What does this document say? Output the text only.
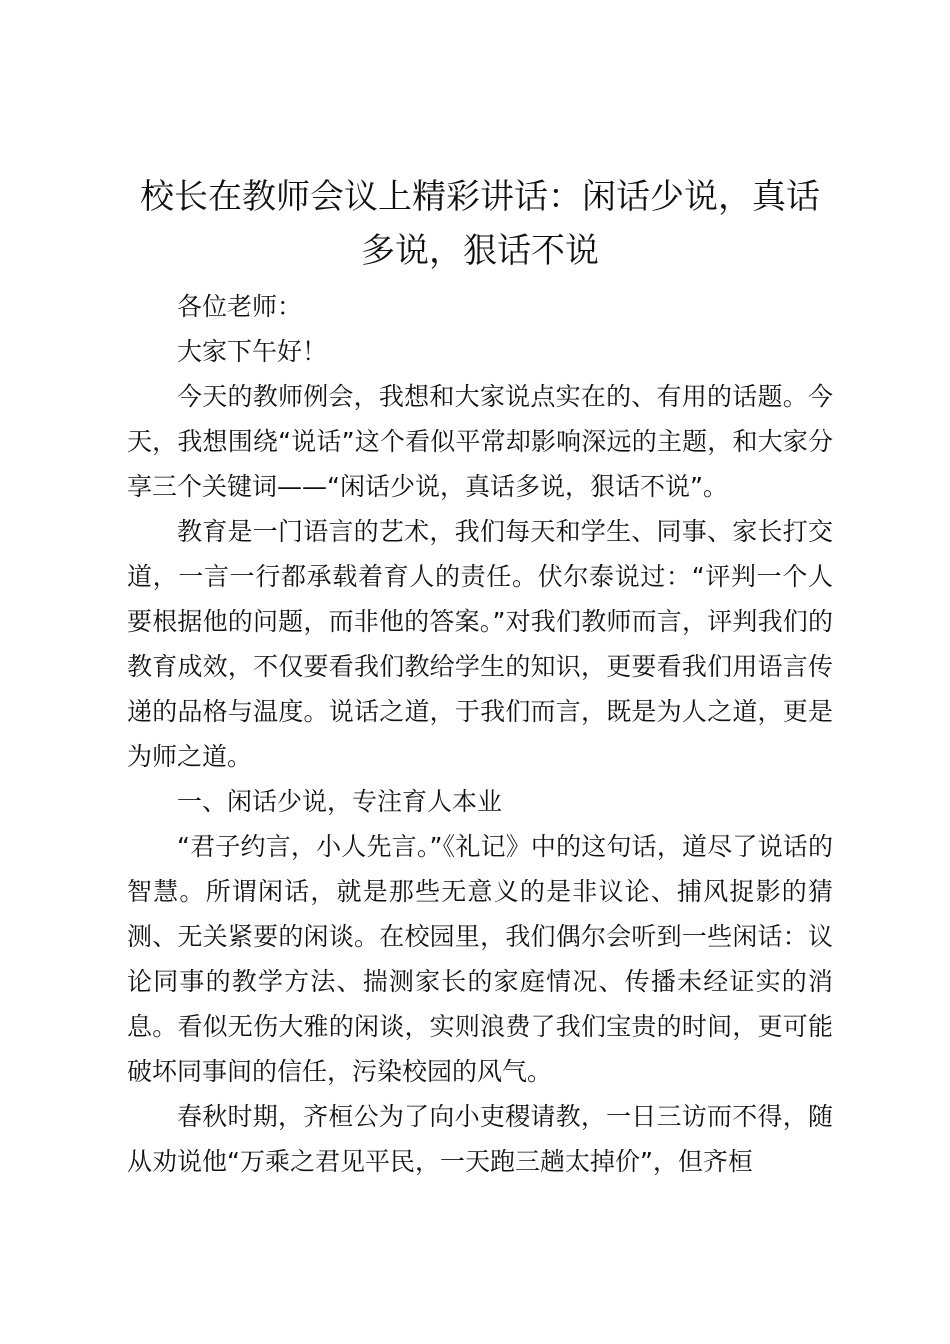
校长在教师会议上精彩讲话：闲话少说，真话多说，狠话不说

各位老师：

大家下午好！

今天的教师例会，我想和大家说点实在的、有用的话题。今天，我想围绕“说话”这个看似平常却影响深远的主题，和大家分享三个关键词——“闲话少说，真话多说，狠话不说”。

教育是一门语言的艺术，我们每天和学生、同事、家长打交道，一言一行都承载着育人的责任。伏尔泰说过：“评判一个人要根据他的问题，而非他的答案。”对我们教师而言，评判我们的教育成效，不仅要看我们教给学生的知识，更要看我们用语言传递的品格与温度。说话之道，于我们而言，既是为人之道，更是为师之道。

一、闲话少说，专注育人本业

“君子约言，小人先言。”《礼记》中的这句话，道尽了说话的智慧。所谓闲话，就是那些无意义的是非议论、捕风捉影的猜测、无关紧要的闲谈。在校园里，我们偶尔会听到一些闲话：议论同事的教学方法、揣测家长的家庭情况、传播未经证实的消息。看似无伤大雅的闲谈，实则浪费了我们宝贵的时间，更可能破坏同事间的信任，污染校园的风气。

春秋时期，齐桓公为了向小吏稷请教，一日三访而不得，随从劝说他“万乘之君见平民，一天跑三趟太掉价”，但齐桓
